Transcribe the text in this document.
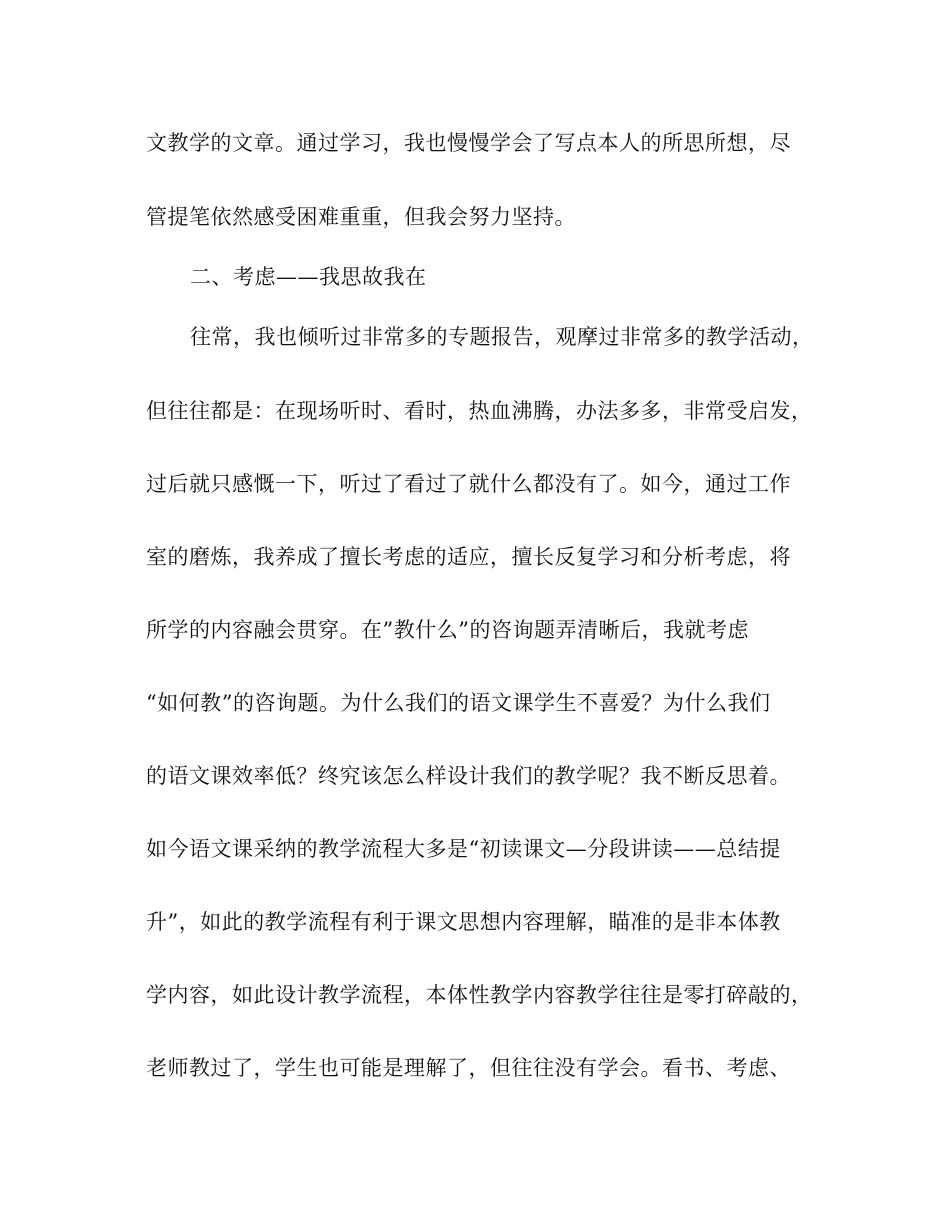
文教学的文章。通过学习，我也慢慢学会了写点本人的所思所想，尽
管提笔依然感受困难重重，但我会努力坚持。
二、考虑——我思故我在
往常，我也倾听过非常多的专题报告，观摩过非常多的教学活动，
但往往都是：在现场听时、看时，热血沸腾，办法多多，非常受启发，
过后就只感慨一下，听过了看过了就什么都没有了。如今，通过工作
室的磨炼，我养成了擅长考虑的适应，擅长反复学习和分析考虑，将
所学的内容融会贯穿。在”教什么”的咨询题弄清晰后，我就考虑
“如何教”的咨询题。为什么我们的语文课学生不喜爱？为什么我们
的语文课效率低？终究该怎么样设计我们的教学呢？我不断反思着。
如今语文课采纳的教学流程大多是“初读课文—分段讲读——总结提
升”，如此的教学流程有利于课文思想内容理解，瞄准的是非本体教
学内容，如此设计教学流程，本体性教学内容教学往往是零打碎敲的，
老师教过了，学生也可能是理解了，但往往没有学会。看书、考虑、
